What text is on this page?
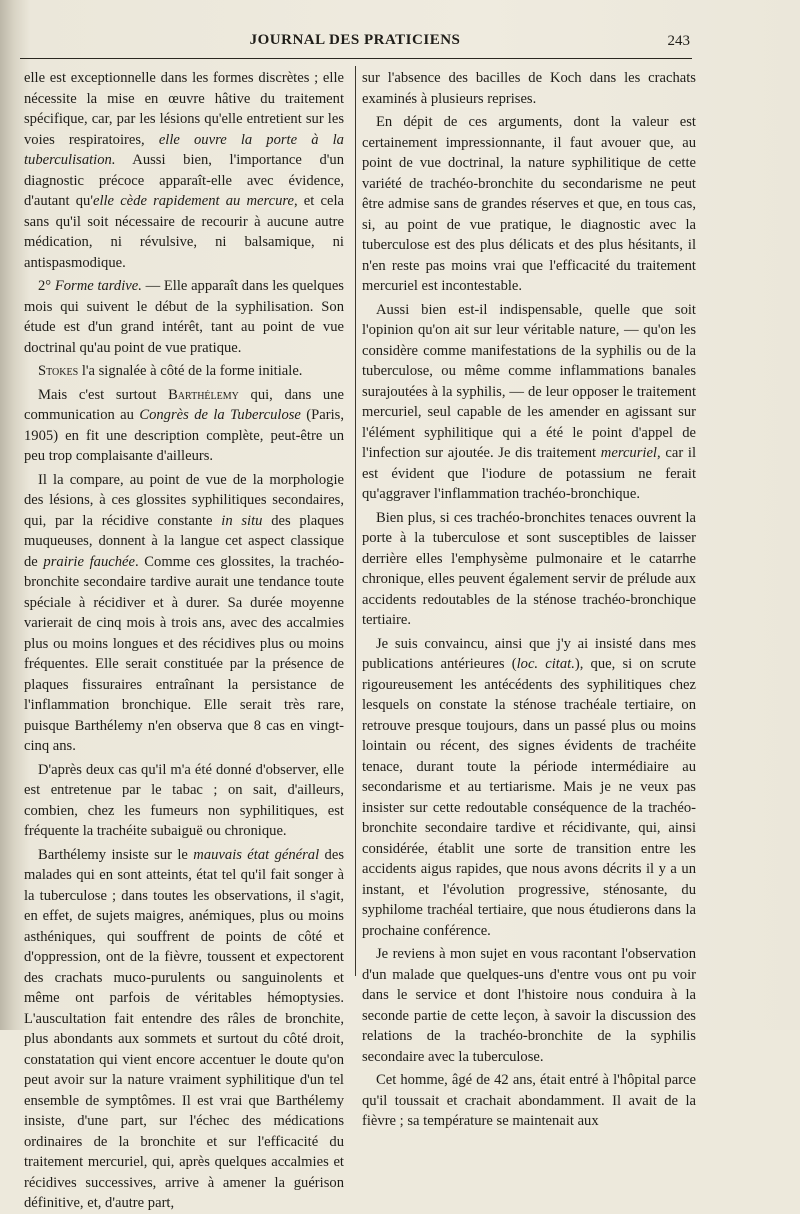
JOURNAL DES PRATICIENS	243

elle est exceptionnelle dans les formes discrètes ; elle nécessite la mise en œuvre hâtive du traitement spécifique, car, par les lésions qu'elle entretient sur les voies respiratoires, elle ouvre la porte à la tuberculisation. Aussi bien, l'importance d'un diagnostic précoce apparaît-elle avec évidence, d'autant qu'elle cède rapidement au mercure, et cela sans qu'il soit nécessaire de recourir à aucune autre médication, ni révulsive, ni balsamique, ni antispasmodique.

2° Forme tardive. — Elle apparaît dans les quelques mois qui suivent le début de la syphilisation. Son étude est d'un grand intérêt, tant au point de vue doctrinal qu'au point de vue pratique.

Stokes l'a signalée à côté de la forme initiale.

Mais c'est surtout Barthélemy qui, dans une communication au Congrès de la Tuberculose (Paris, 1905) en fit une description complète, peut-être un peu trop complaisante d'ailleurs.

Il la compare, au point de vue de la morphologie des lésions, à ces glossites syphilitiques secondaires, qui, par la récidive constante in situ des plaques muqueuses, donnent à la langue cet aspect classique de prairie fauchée. Comme ces glossites, la trachéo-bronchite secondaire tardive aurait une tendance toute spéciale à récidiver et à durer. Sa durée moyenne varierait de cinq mois à trois ans, avec des accalmies plus ou moins longues et des récidives plus ou moins fréquentes. Elle serait constituée par la présence de plaques fissuraires entraînant la persistance de l'inflammation bronchique. Elle serait très rare, puisque Barthélemy n'en observa que 8 cas en vingt-cinq ans.

D'après deux cas qu'il m'a été donné d'observer, elle est entretenue par le tabac ; on sait, d'ailleurs, combien, chez les fumeurs non syphilitiques, est fréquente la trachéite subaiguë ou chronique.

Barthélemy insiste sur le mauvais état général des malades qui en sont atteints, état tel qu'il fait songer à la tuberculose ; dans toutes les observations, il s'agit, en effet, de sujets maigres, anémiques, plus ou moins asthéniques, qui souffrent de points de côté et d'oppression, ont de la fièvre, toussent et expectorent des crachats muco-purulents ou sanguinolents et même ont parfois de véritables hémoptysies. L'auscultation fait entendre des râles de bronchite, plus abondants aux sommets et surtout du côté droit, constatation qui vient encore accentuer le doute qu'on peut avoir sur la nature vraiment syphilitique d'un tel ensemble de symptômes. Il est vrai que Barthélemy insiste, d'une part, sur l'échec des médications ordinaires de la bronchite et sur l'efficacité du traitement mercuriel, qui, après quelques accalmies et récidives successives, arrive à amener la guérison définitive, et, d'autre part,

sur l'absence des bacilles de Koch dans les crachats examinés à plusieurs reprises.

En dépit de ces arguments, dont la valeur est certainement impressionnante, il faut avouer que, au point de vue doctrinal, la nature syphilitique de cette variété de trachéo-bronchite du secondarisme ne peut être admise sans de grandes réserves et que, en tous cas, si, au point de vue pratique, le diagnostic avec la tuberculose est des plus délicats et des plus hésitants, il n'en reste pas moins vrai que l'efficacité du traitement mercuriel est incontestable.

Aussi bien est-il indispensable, quelle que soit l'opinion qu'on ait sur leur véritable nature, — qu'on les considère comme manifestations de la syphilis ou de la tuberculose, ou même comme inflammations banales surajoutées à la syphilis, — de leur opposer le traitement mercuriel, seul capable de les amender en agissant sur l'élément syphilitique qui a été le point d'appel de l'infection sur ajoutée. Je dis traitement mercuriel, car il est évident que l'iodure de potassium ne ferait qu'aggraver l'inflammation trachéo-bronchique.

Bien plus, si ces trachéo-bronchites tenaces ouvrent la porte à la tuberculose et sont susceptibles de laisser derrière elles l'emphysème pulmonaire et le catarrhe chronique, elles peuvent également servir de prélude aux accidents redoutables de la sténose trachéo-bronchique tertiaire.

Je suis convaincu, ainsi que j'y ai insisté dans mes publications antérieures (loc. citat.), que, si on scrute rigoureusement les antécédents des syphilitiques chez lesquels on constate la sténose trachéale tertiaire, on retrouve presque toujours, dans un passé plus ou moins lointain ou récent, des signes évidents de trachéite tenace, durant toute la période intermédiaire au secondarisme et au tertiarisme. Mais je ne veux pas insister sur cette redoutable conséquence de la trachéo-bronchite secondaire tardive et récidivante, qui, ainsi considérée, établit une sorte de transition entre les accidents aigus rapides, que nous avons décrits il y a un instant, et l'évolution progressive, sténosante, du syphilome trachéal tertiaire, que nous étudierons dans la prochaine conférence.

Je reviens à mon sujet en vous racontant l'observation d'un malade que quelques-uns d'entre vous ont pu voir dans le service et dont l'histoire nous conduira à la seconde partie de cette leçon, à savoir la discussion des relations de la trachéo-bronchite de la syphilis secondaire avec la tuberculose.

Cet homme, âgé de 42 ans, était entré à l'hôpital parce qu'il toussait et crachait abondamment. Il avait de la fièvre ; sa température se maintenait aux
